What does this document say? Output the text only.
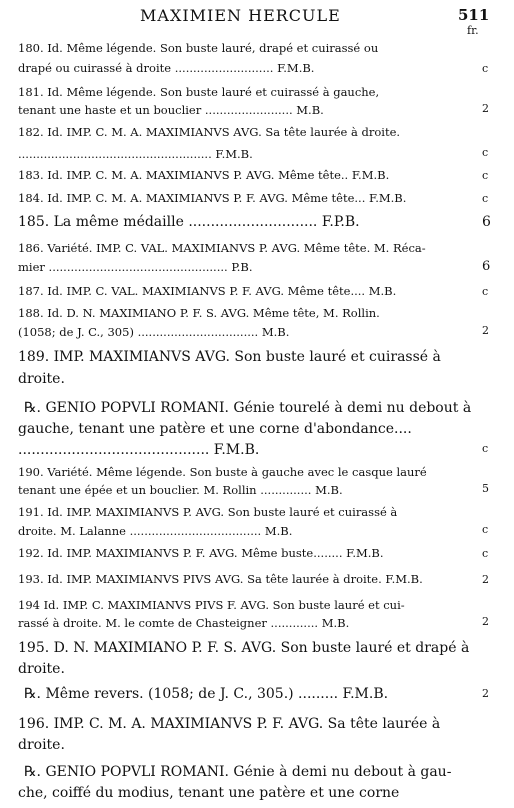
MAXIMIEN HERCULE	511
fr.
180. Id. Même légende. Son buste lauré, drapé et cuirassé ou
drapé ou cuirassé à droite ........................... F.M.B.	c
181. Id. Même légende. Son buste lauré et cuirassé à gauche,
tenant une haste et un bouclier ........................ M.B.	2
182. Id. IMP. C. M. A. MAXIMIANVS AVG. Sa tête laurée à droite.
..................................................... F.M.B.	c
183. Id. IMP. C. M. A. MAXIMIANVS P. AVG. Même tête.. F.M.B.	c
184. Id. IMP. C. M. A. MAXIMIANVS P. F. AVG. Même tête... F.M.B.	c
185. La même médaille ............................. F.P.B.	6
186. Variété. IMP. C. VAL. MAXIMIANVS P. AVG. Même tête. M. Réca-
mier ................................................. P.B.	6
187. Id. IMP. C. VAL. MAXIMIANVS P. F. AVG. Même tête.... M.B.	c
188. Id. D. N. MAXIMIANO P. F. S. AVG. Même tête, M. Rollin.
(1058; de J. C., 305) ................................. M.B.	2
189. IMP. MAXIMIANVS AVG. Son buste lauré et cuirassé à
droite.
℞. GENIO POPVLI ROMANI. Génie tourelé à demi nu debout à
gauche, tenant une patère et une corne d'abondance....
........................................... F.M.B.	c
190. Variété. Même légende. Son buste à gauche avec le casque lauré
tenant une épée et un bouclier. M. Rollin .............. M.B.	5
191. Id. IMP. MAXIMIANVS P. AVG. Son buste lauré et cuirassé à
droite. M. Lalanne .................................... M.B.	c
192. Id. IMP. MAXIMIANVS P. F. AVG. Même buste........ F.M.B.	c
193. Id. IMP. MAXIMIANVS PIVS AVG. Sa tête laurée à droite. F.M.B.	2
194 Id. IMP. C. MAXIMIANVS PIVS F. AVG. Son buste lauré et cui-
rassé à droite. M. le comte de Chasteigner ............. M.B.	2
195. D. N. MAXIMIANO P. F. S. AVG. Son buste lauré et drapé à
droite.
℞. Même revers. (1058; de J. C., 305.) ......... F.M.B.	2
196. IMP. C. M. A. MAXIMIANVS P. F. AVG. Sa tête laurée à
droite.
℞. GENIO POPVLI ROMANI. Génie à demi nu debout à gau-
che, coiffé du modius, tenant une patère et une corne
